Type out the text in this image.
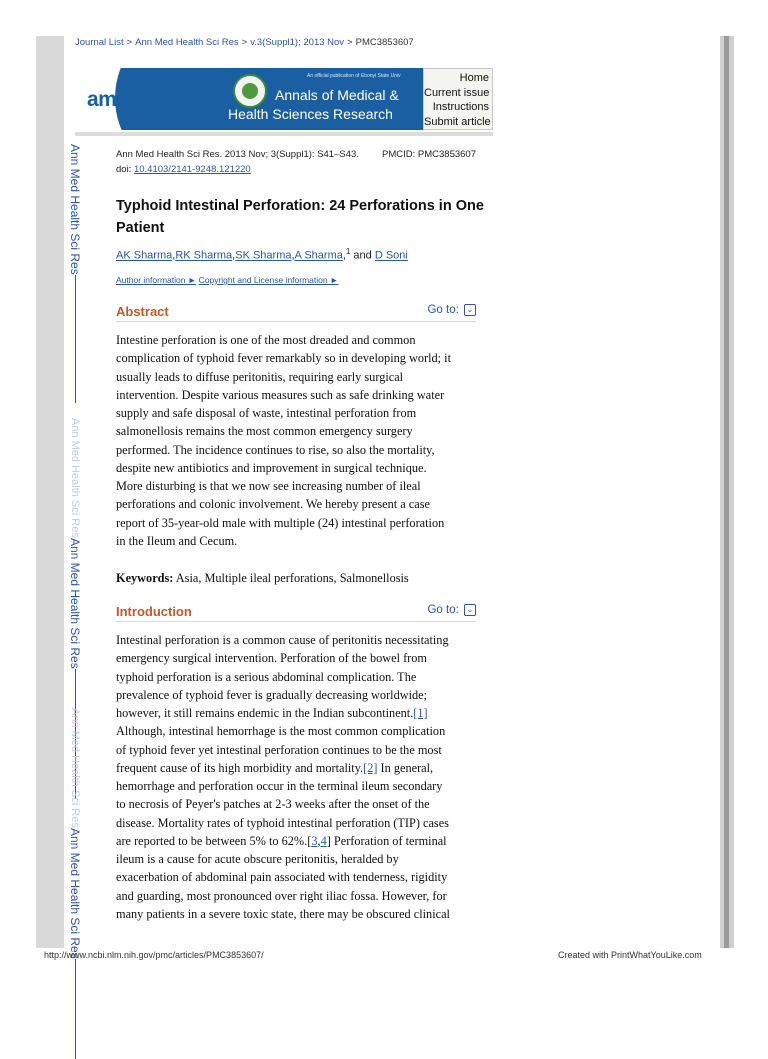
Journal List > Ann Med Health Sci Res > v.3(Suppl1); 2013 Nov > PMC3853607
amhsr
An official publication of Ebonyi State Univ
Annals of Medical &
Health Sciences Research
Home
Current issue
Instructions
Submit article
Ann Med Health Sci Res
Ann Med Health Sci Res
Ann Med Health Sci Res
Ann Med Health Sci Res
Ann Med Health Sci Res
Ann Med Health Sci Res. 2013 Nov; 3(Suppl1): S41–S43. PMCID: PMC3853607
doi: 10.4103/2141-9248.121220
Typhoid Intestinal Perforation: 24 Perforations in One Patient
AK Sharma,RK Sharma,SK Sharma,A Sharma,$^1$ and D Soni
Author information ► Copyright and License information ►
Abstract	Go to: ⌄
Intestine perforation is one of the most dreaded and common
complication of typhoid fever remarkably so in developing world; it
usually leads to diffuse peritonitis, requiring early surgical
intervention. Despite various measures such as safe drinking water
supply and safe disposal of waste, intestinal perforation from
salmonellosis remains the most common emergency surgery
performed. The incidence continues to rise, so also the mortality,
despite new antibiotics and improvement in surgical technique.
More disturbing is that we now see increasing number of ileal
perforations and colonic involvement. We hereby present a case
report of 35-year-old male with multiple (24) intestinal perforation
in the Ileum and Cecum.
Keywords: Asia, Multiple ileal perforations, Salmonellosis
Introduction	Go to: ⌄
Intestinal perforation is a common cause of peritonitis necessitating
emergency surgical intervention. Perforation of the bowel from
typhoid perforation is a serious abdominal complication. The
prevalence of typhoid fever is gradually decreasing worldwide;
however, it still remains endemic in the Indian subcontinent.[1]
Although, intestinal hemorrhage is the most common complication
of typhoid fever yet intestinal perforation continues to be the most
frequent cause of its high morbidity and mortality.[2] In general,
hemorrhage and perforation occur in the terminal ileum secondary
to necrosis of Peyer's patches at 2-3 weeks after the onset of the
disease. Mortality rates of typhoid intestinal perforation (TIP) cases
are reported to be between 5% to 62%.[3,4] Perforation of terminal
ileum is a cause for acute obscure peritonitis, heralded by
exacerbation of abdominal pain associated with tenderness, rigidity
and guarding, most pronounced over right iliac fossa. However, for
many patients in a severe toxic state, there may be obscured clinical
http://www.ncbi.nlm.nih.gov/pmc/articles/PMC3853607/	Created with PrintWhatYouLike.com
